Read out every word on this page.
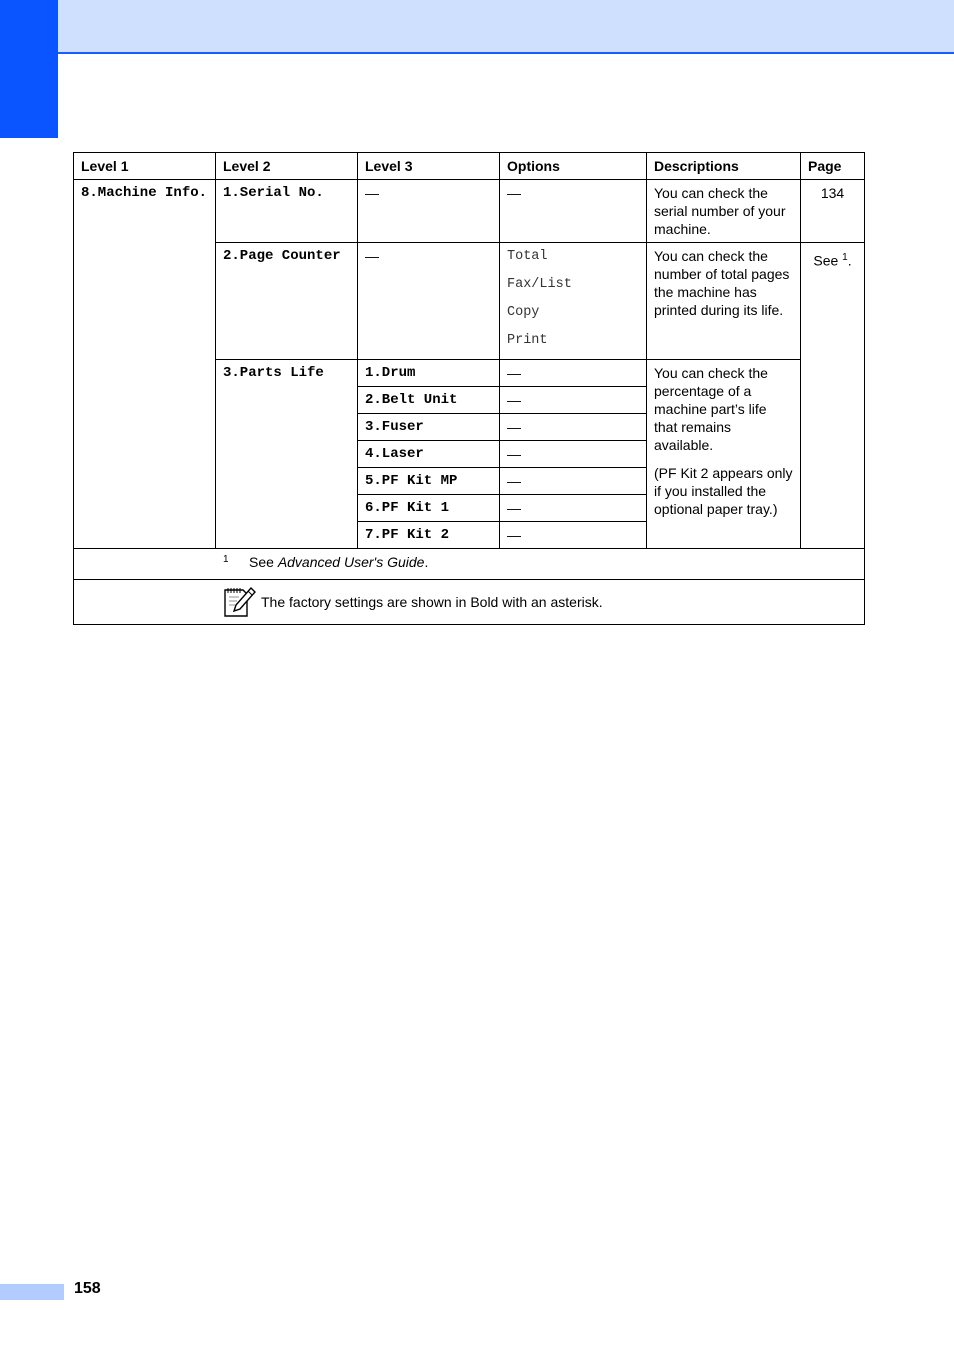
Level 1	Level 2	Level 3	Options	Descriptions	Page
8.Machine Info.	1.Serial No.	—	—	You can check the serial number of your machine.	134
	2.Page Counter	—	Total
Fax/List
Copy
Print	You can check the number of total pages the machine has printed during its life.	See $^1$.
	3.Parts Life	1.Drum	—	You can check the percentage of a machine part’s life that remains available.

(PF Kit 2 appears only if you installed the optional paper tray.)	

		2.Belt Unit	—		
		3.Fuser	—		
		4.Laser	—		
		5.PF Kit MP	—		
		6.PF Kit 1	—		
		7.PF Kit 2	—		

1 See Advanced User's Guide.					

The factory settings are shown in Bold with an asterisk.					
158
